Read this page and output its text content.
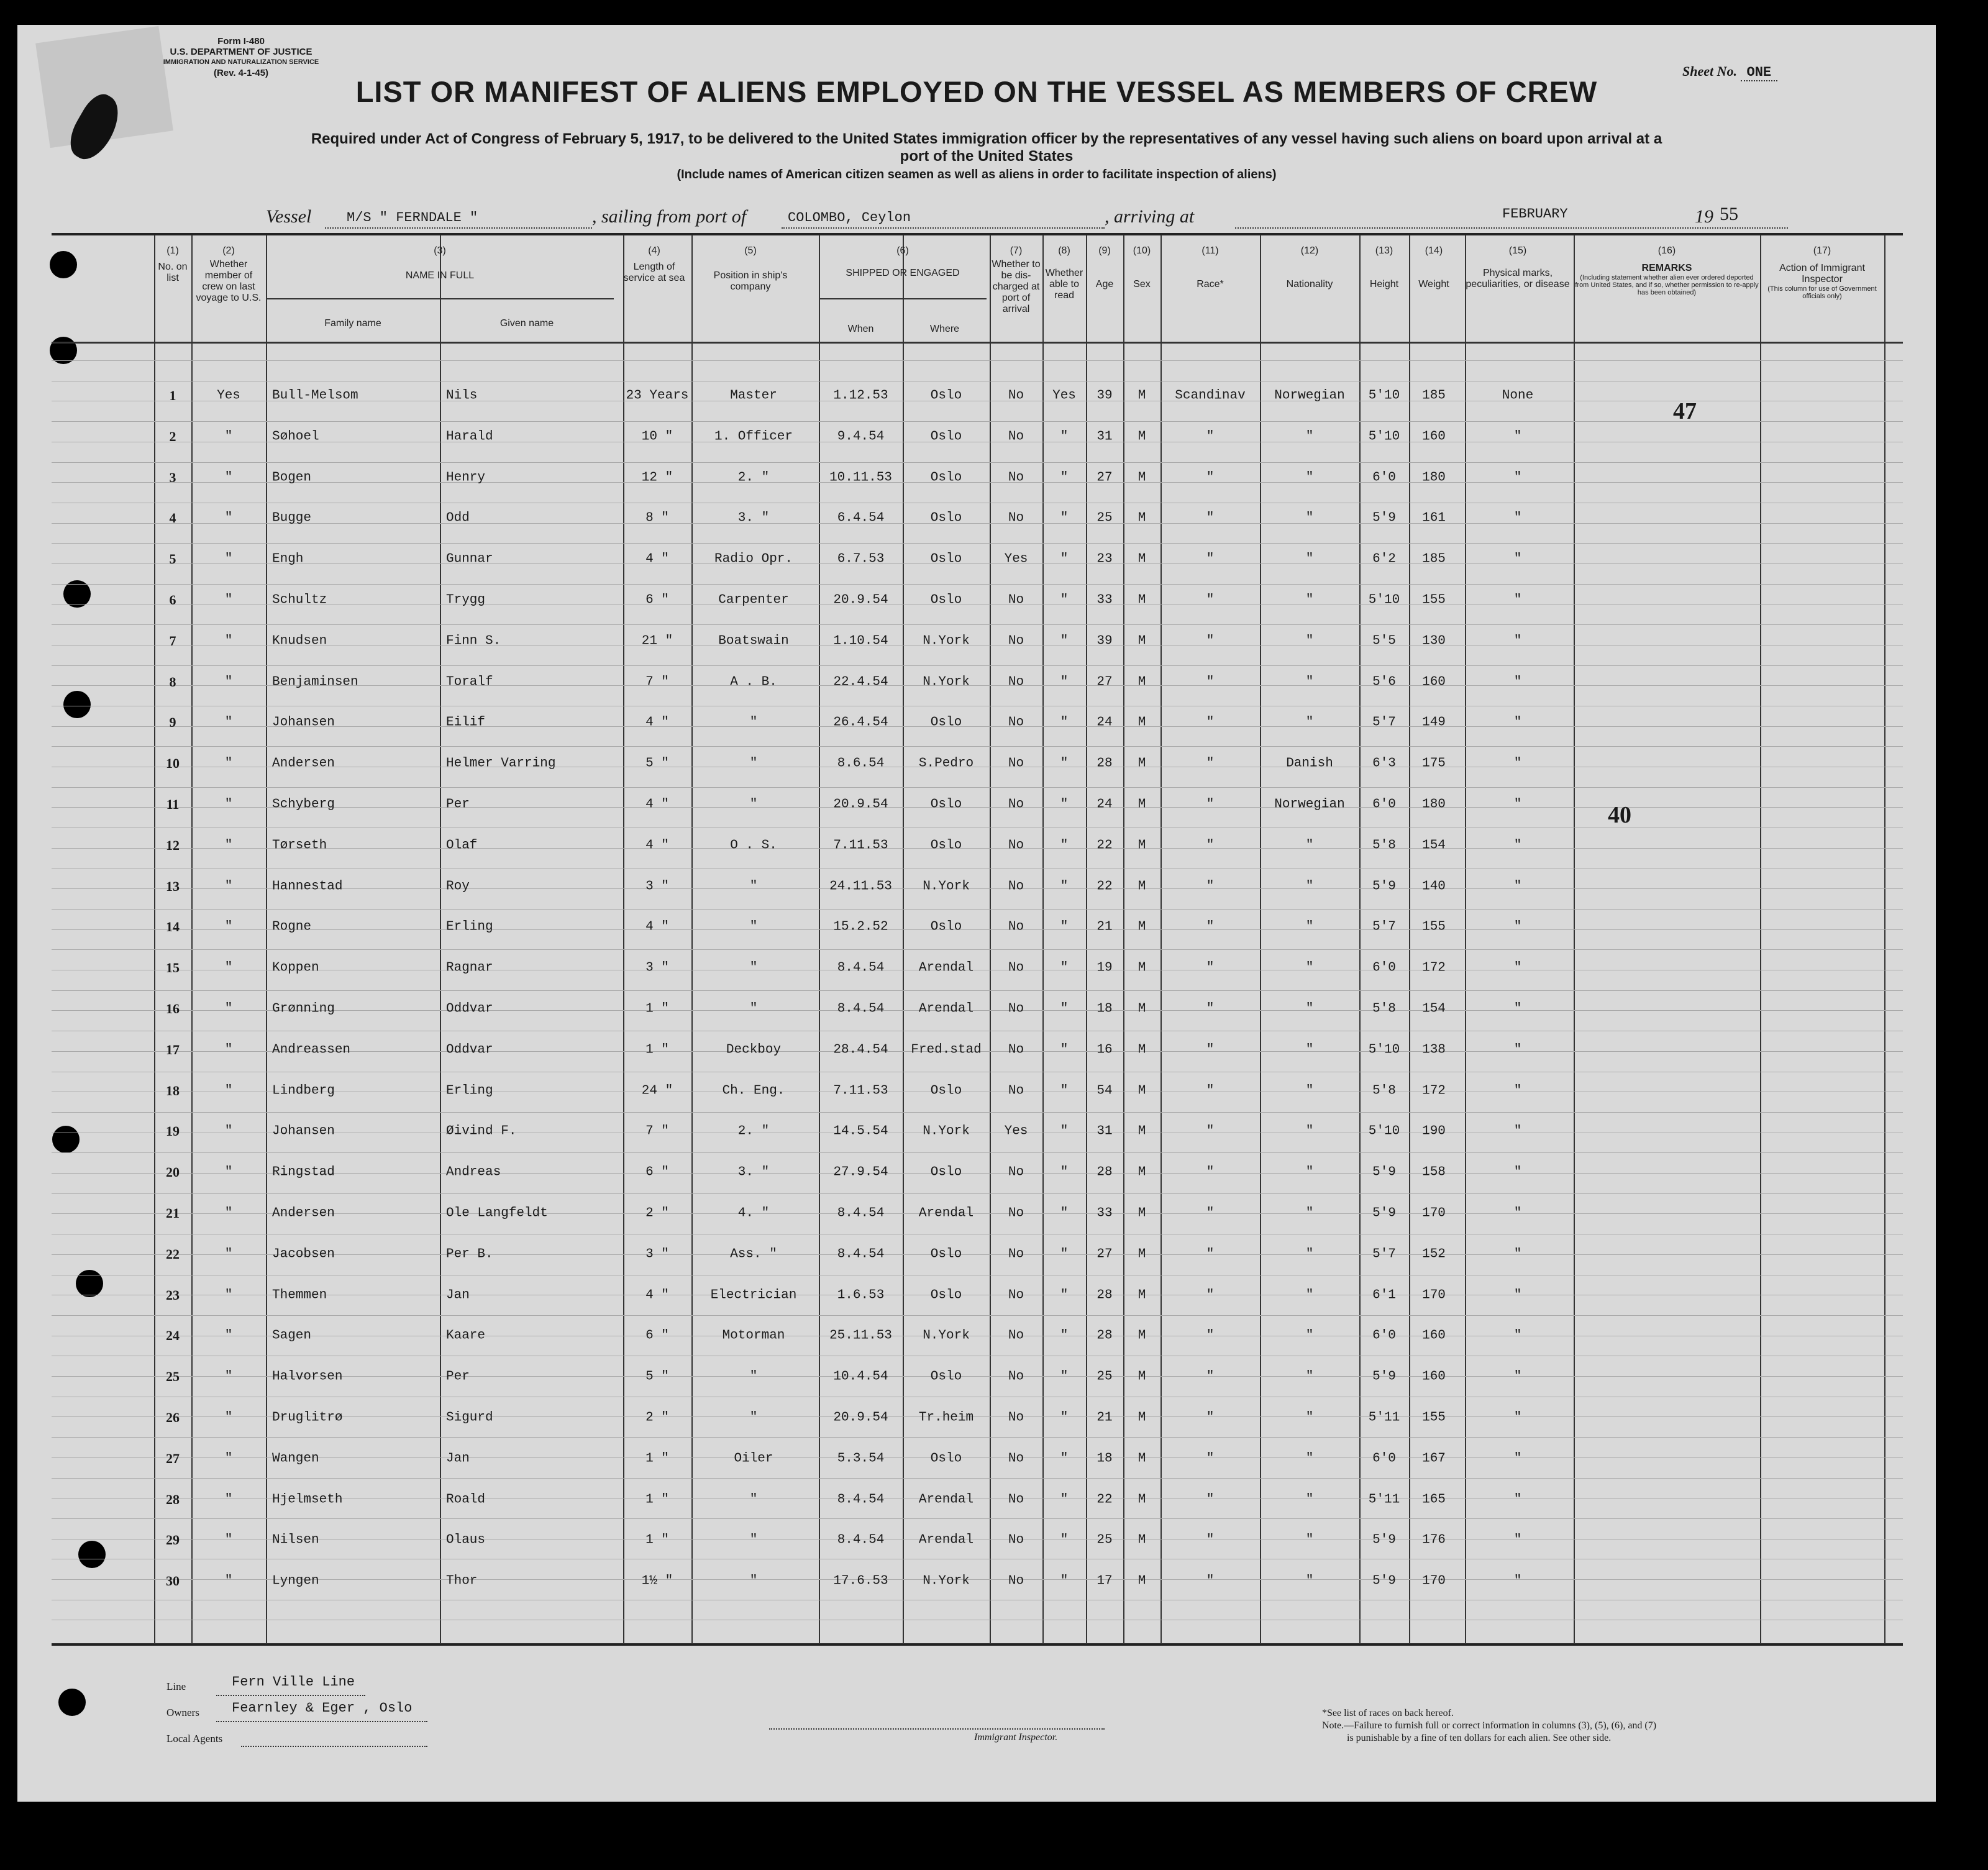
Form I-480
U.S. DEPARTMENT OF JUSTICE
IMMIGRATION AND NATURALIZATION SERVICE
(Rev. 4-1-45)	Sheet No. ONE
LIST OR MANIFEST OF ALIENS EMPLOYED ON THE VESSEL AS MEMBERS OF CREW
Required under Act of Congress of February 5, 1917, to be delivered to the United States immigration officer by the representatives of any vessel having such aliens on board upon arrival at a
port of the United States
(Include names of American citizen seamen as well as aliens in order to facilitate inspection of aliens)
Vessel	M/S " FERNDALE "	, sailing from port of	COLOMBO, Ceylon	, arriving at	FEBRUARY	19 55
(1)
No. on list
(2)
Whether member of crew on last voyage to U.S.
(3)
NAME IN FULL
Family name	Given name
(4)
Length of service at sea
(5)
Position in ship's company
(6)
SHIPPED OR ENGAGED
When	Where
(7)
Whether to be dis-charged at port of arrival
(8)
Whether able to read
(9)
Age
(10)
Sex
(11)
Race*
(12)
Nationality
(13)
Height
(14)
Weight
(15)
Physical marks, peculiarities, or disease
(16)
REMARKS
(Including statement whether alien ever ordered deported from United States, and if so, whether permission to re-apply has been obtained)
(17)
Action of Immigrant Inspector
(This column for use of Government officials only)
1	Yes	Bull-Melsom	Nils	23 Years	Master	1.12.53	Oslo	No	Yes	39	M	Scandinav	Norwegian	5'10	185	None
2	"	Søhoel	Harald	10 "	1. Officer	9.4.54	Oslo	No	"	31	M	"	"	5'10	160	"
3	"	Bogen	Henry	12 "	2. "	10.11.53	Oslo	No	"	27	M	"	"	6'0	180	"
4	"	Bugge	Odd	8 "	3. "	6.4.54	Oslo	No	"	25	M	"	"	5'9	161	"
5	"	Engh	Gunnar	4 "	Radio Opr.	6.7.53	Oslo	Yes	"	23	M	"	"	6'2	185	"
6	"	Schultz	Trygg	6 "	Carpenter	20.9.54	Oslo	No	"	33	M	"	"	5'10	155	"
7	"	Knudsen	Finn S.	21 "	Boatswain	1.10.54	N.York	No	"	39	M	"	"	5'5	130	"
8	"	Benjaminsen	Toralf	7 "	A . B.	22.4.54	N.York	No	"	27	M	"	"	5'6	160	"
9	"	Johansen	Eilif	4 "	"	26.4.54	Oslo	No	"	24	M	"	"	5'7	149	"
10	"	Andersen	Helmer Varring	5 "	"	8.6.54	S.Pedro	No	"	28	M	"	Danish	6'3	175	"
11	"	Schyberg	Per	4 "	"	20.9.54	Oslo	No	"	24	M	"	Norwegian	6'0	180	"
12	"	Tørseth	Olaf	4 "	O . S.	7.11.53	Oslo	No	"	22	M	"	"	5'8	154	"
13	"	Hannestad	Roy	3 "	"	24.11.53	N.York	No	"	22	M	"	"	5'9	140	"
14	"	Rogne	Erling	4 "	"	15.2.52	Oslo	No	"	21	M	"	"	5'7	155	"
15	"	Koppen	Ragnar	3 "	"	8.4.54	Arendal	No	"	19	M	"	"	6'0	172	"
16	"	Grønning	Oddvar	1 "	"	8.4.54	Arendal	No	"	18	M	"	"	5'8	154	"
17	"	Andreassen	Oddvar	1 "	Deckboy	28.4.54	Fred.stad	No	"	16	M	"	"	5'10	138	"
18	"	Lindberg	Erling	24 "	Ch. Eng.	7.11.53	Oslo	No	"	54	M	"	"	5'8	172	"
19	"	Johansen	Øivind F.	7 "	2. "	14.5.54	N.York	Yes	"	31	M	"	"	5'10	190	"
20	"	Ringstad	Andreas	6 "	3. "	27.9.54	Oslo	No	"	28	M	"	"	5'9	158	"
21	"	Andersen	Ole Langfeldt	2 "	4. "	8.4.54	Arendal	No	"	33	M	"	"	5'9	170	"
22	"	Jacobsen	Per B.	3 "	Ass. "	8.4.54	Oslo	No	"	27	M	"	"	5'7	152	"
23	"	Themmen	Jan	4 "	Electrician	1.6.53	Oslo	No	"	28	M	"	"	6'1	170	"
24	"	Sagen	Kaare	6 "	Motorman	25.11.53	N.York	No	"	28	M	"	"	6'0	160	"
25	"	Halvorsen	Per	5 "	"	10.4.54	Oslo	No	"	25	M	"	"	5'9	160	"
26	"	Druglitrø	Sigurd	2 "	"	20.9.54	Tr.heim	No	"	21	M	"	"	5'11	155	"
27	"	Wangen	Jan	1 "	Oiler	5.3.54	Oslo	No	"	18	M	"	"	6'0	167	"
28	"	Hjelmseth	Roald	1 "	"	8.4.54	Arendal	No	"	22	M	"	"	5'11	165	"
29	"	Nilsen	Olaus	1 "	"	8.4.54	Arendal	No	"	25	M	"	"	5'9	176	"
30	"	Lyngen	Thor	1½ "	"	17.6.53	N.York	No	"	17	M	"	"	5'9	170	"
47
40
Line	Fern Ville Line
Owners Fearnley & Eger , Oslo
Local Agents	Immigrant Inspector.
*See list of races on back hereof.
Note.—Failure to furnish full or correct information in columns (3), (5), (6), and (7)
is punishable by a fine of ten dollars for each alien. See other side.
